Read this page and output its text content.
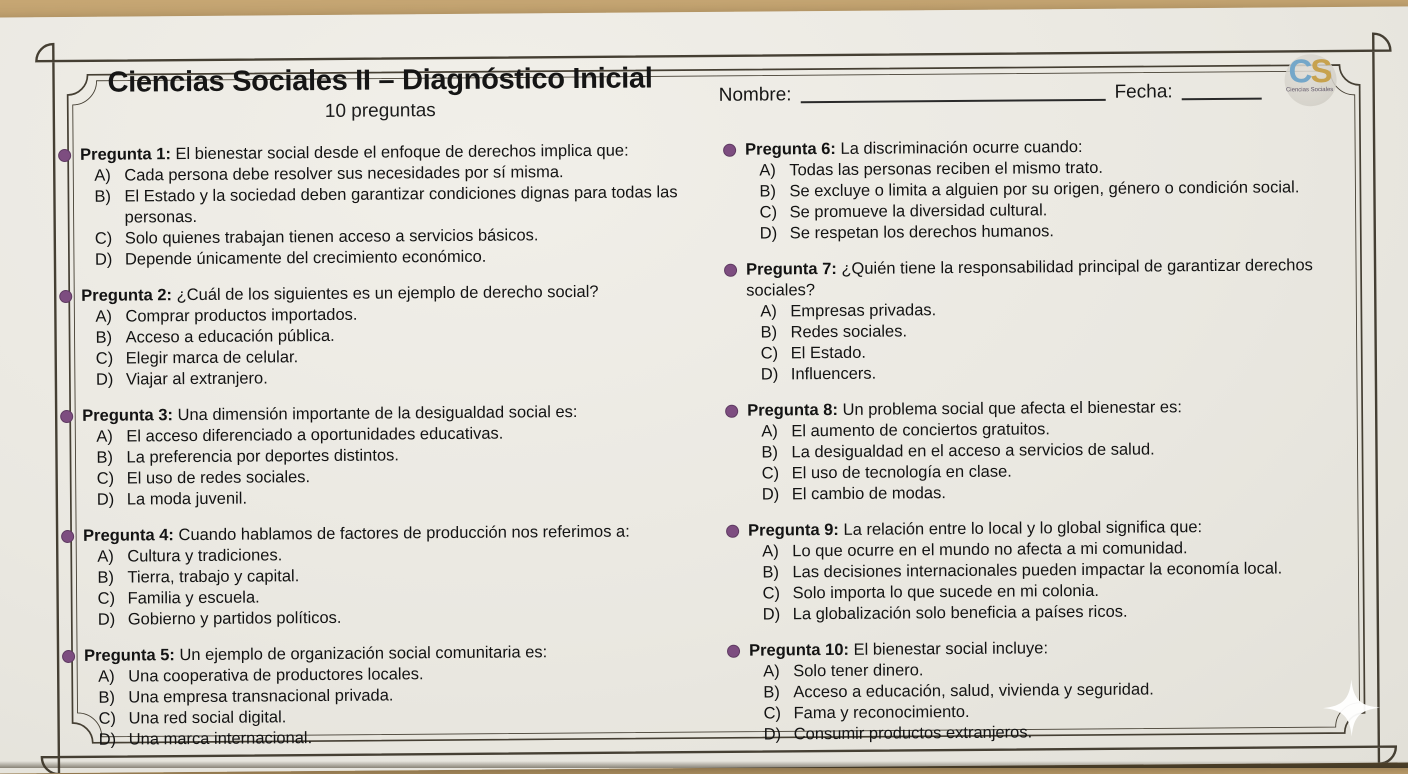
Ciencias Sociales II – Diagnóstico Inicial
10 preguntas
Nombre:	Fecha:
CS
Ciencias Sociales

Pregunta 1: El bienestar social desde el enfoque de derechos implica que:

A) Cada persona debe resolver sus necesidades por sí misma.
B) El Estado y la sociedad deben garantizar condiciones dignas para todas las personas.
C) Solo quienes trabajan tienen acceso a servicios básicos.
D) Depende únicamente del crecimiento económico.

Pregunta 2: ¿Cuál de los siguientes es un ejemplo de derecho social?

A) Comprar productos importados.
B) Acceso a educación pública.
C) Elegir marca de celular.
D) Viajar al extranjero.

Pregunta 3: Una dimensión importante de la desigualdad social es:

A) El acceso diferenciado a oportunidades educativas.
B) La preferencia por deportes distintos.
C) El uso de redes sociales.
D) La moda juvenil.

Pregunta 4: Cuando hablamos de factores de producción nos referimos a:

A) Cultura y tradiciones.
B) Tierra, trabajo y capital.
C) Familia y escuela.
D) Gobierno y partidos políticos.

Pregunta 5: Un ejemplo de organización social comunitaria es:

A) Una cooperativa de productores locales.
B) Una empresa transnacional privada.
C) Una red social digital.
D) Una marca internacional.

Pregunta 6: La discriminación ocurre cuando:

A) Todas las personas reciben el mismo trato.
B) Se excluye o limita a alguien por su origen, género o condición social.
C) Se promueve la diversidad cultural.
D) Se respetan los derechos humanos.

Pregunta 7: ¿Quién tiene la responsabilidad principal de garantizar derechos sociales?

A) Empresas privadas.
B) Redes sociales.
C) El Estado.
D) Influencers.

Pregunta 8: Un problema social que afecta el bienestar es:

A) El aumento de conciertos gratuitos.
B) La desigualdad en el acceso a servicios de salud.
C) El uso de tecnología en clase.
D) El cambio de modas.

Pregunta 9: La relación entre lo local y lo global significa que:

A) Lo que ocurre en el mundo no afecta a mi comunidad.
B) Las decisiones internacionales pueden impactar la economía local.
C) Solo importa lo que sucede en mi colonia.
D) La globalización solo beneficia a países ricos.

Pregunta 10: El bienestar social incluye:

A) Solo tener dinero.
B) Acceso a educación, salud, vivienda y seguridad.
C) Fama y reconocimiento.
D) Consumir productos extranjeros.
